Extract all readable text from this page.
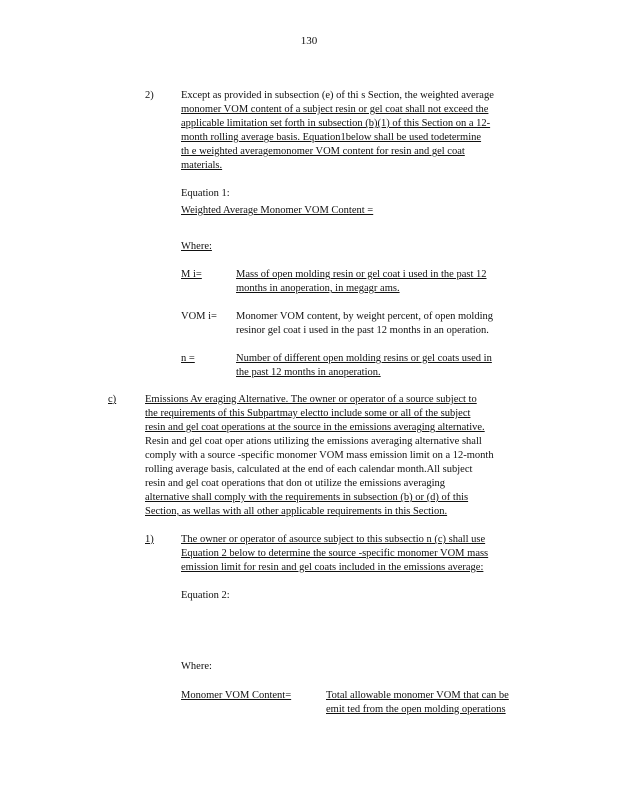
130
2)	Except as provided in subsection (e) of thi s Section, the weighted average
monomer VOM content of a subject resin or gel coat shall not exceed the
applicable limitation set forth in subsection (b)(1) of this Section on a 12-
month rolling average basis. Equation1below shall be used todetermine
th e weighted averagemonomer VOM content for resin and gel coat
materials.
Equation 1:
Weighted Average Monomer VOM Content =
Where:
M i=	Mass of open molding resin or gel coat i used in the past 12
months in anoperation, in megagr ams.
VOM i= Monomer VOM content, by weight percent, of open molding
resinor gel coat i used in the past 12 months in an operation.
n =	Number of different open molding resins or gel coats used in
the past 12 months in anoperation.
c)	Emissions Av eraging Alternative. The owner or operator of a source subject to
the requirements of this Subpartmay electto include some or all of the subject
resin and gel coat operations at the source in the emissions averaging alternative.
Resin and gel coat oper ations utilizing the emissions averaging alternative shall
comply with a source -specific monomer VOM mass emission limit on a 12-month
rolling average basis, calculated at the end of each calendar month.All subject
resin and gel coat operations that don ot utilize the emissions averaging
alternative shall comply with the requirements in subsection (b) or (d) of this
Section, as wellas with all other applicable requirements in this Section.
1)	The owner or operator of asource subject to this subsectio n (c) shall use
Equation 2 below to determine the source -specific monomer VOM mass
emission limit for resin and gel coats included in the emissions average:
Equation 2:
Where:
Monomer VOM Content=	Total allowable monomer VOM that can be
emit ted from the open molding operations
